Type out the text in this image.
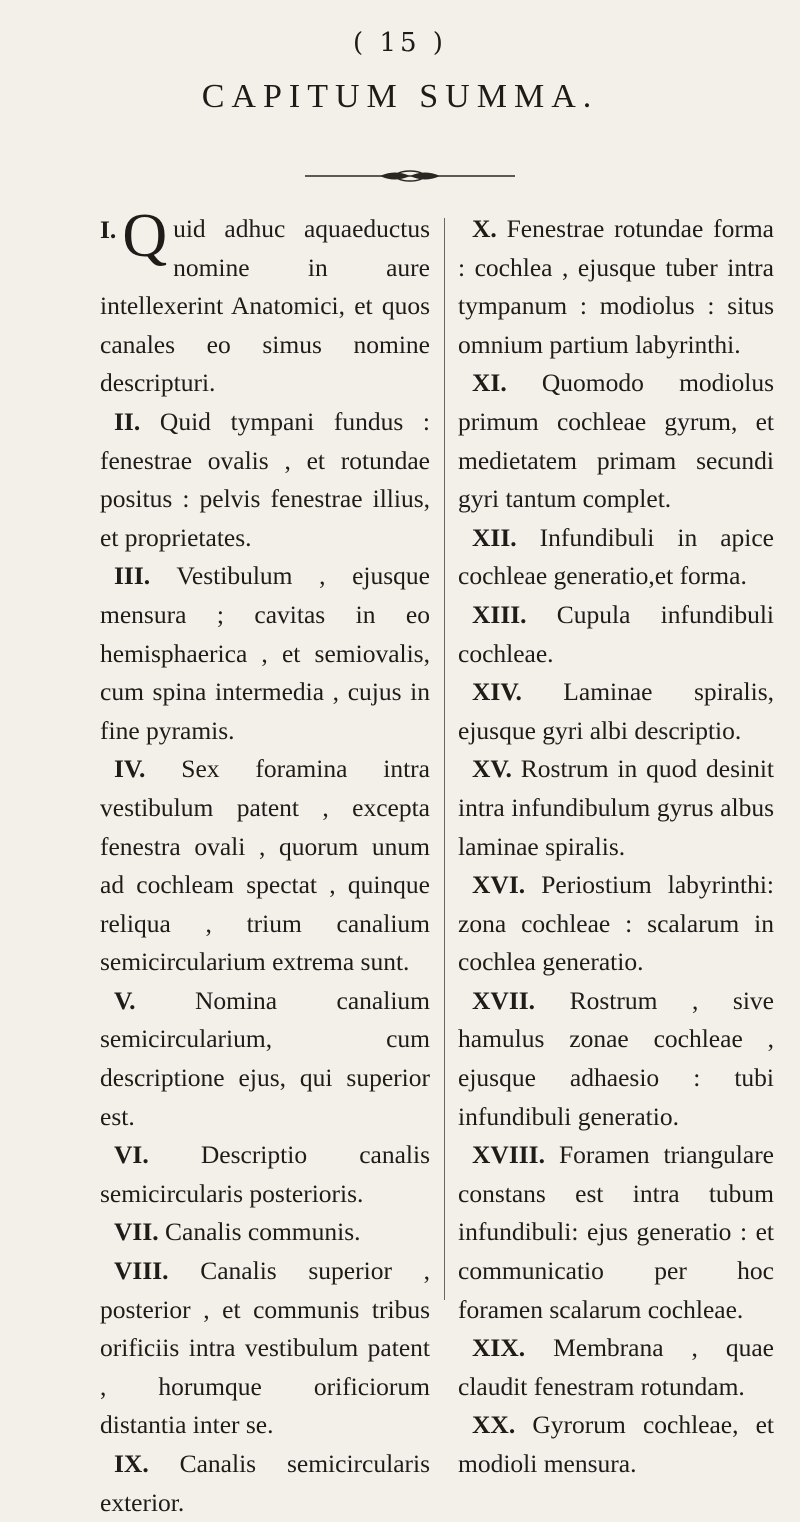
( 15 )
CAPITUM SUMMA.

I. Q uid adhuc aquaeductus nomine in aure intellexerint Anatomici, et quos canales eo simus nomine descripturi.

II. Quid tympani fundus : fenestrae ovalis , et rotundae positus : pelvis fenestrae illius, et proprietates.

III. Vestibulum , ejusque mensura ; cavitas in eo hemisphaerica , et semiovalis, cum spina intermedia , cujus in fine pyramis.

IV. Sex foramina intra vestibulum patent , excepta fenestra ovali , quorum unum ad cochleam spectat , quinque reliqua , trium canalium semicircularium extrema sunt.

V. Nomina canalium semicircularium, cum descriptione ejus, qui superior est.

VI. Descriptio canalis semicircularis posterioris.

VII. Canalis communis.

VIII. Canalis superior , posterior , et communis tribus orificiis intra vestibulum patent , horumque orificiorum distantia inter se.

IX. Canalis semicircularis exterior.

X. Fenestrae rotundae forma : cochlea , ejusque tuber intra tympanum : modiolus : situs omnium partium labyrinthi.

XI. Quomodo modiolus primum cochleae gyrum, et medietatem primam secundi gyri tantum complet.

XII. Infundibuli in apice cochleae generatio,et forma.

XIII. Cupula infundibuli cochleae.

XIV. Laminae spiralis, ejusque gyri albi descriptio.

XV. Rostrum in quod desinit intra infundibulum gyrus albus laminae spiralis.

XVI. Periostium labyrinthi: zona cochleae : scalarum in cochlea generatio.

XVII. Rostrum , sive hamulus zonae cochleae , ejusque adhaesio : tubi infundibuli generatio.

XVIII. Foramen triangulare constans est intra tubum infundibuli: ejus generatio : et communicatio per hoc foramen scalarum cochleae.

XIX. Membrana , quae claudit fenestram rotundam.

XX. Gyrorum cochleae, et modioli mensura.
